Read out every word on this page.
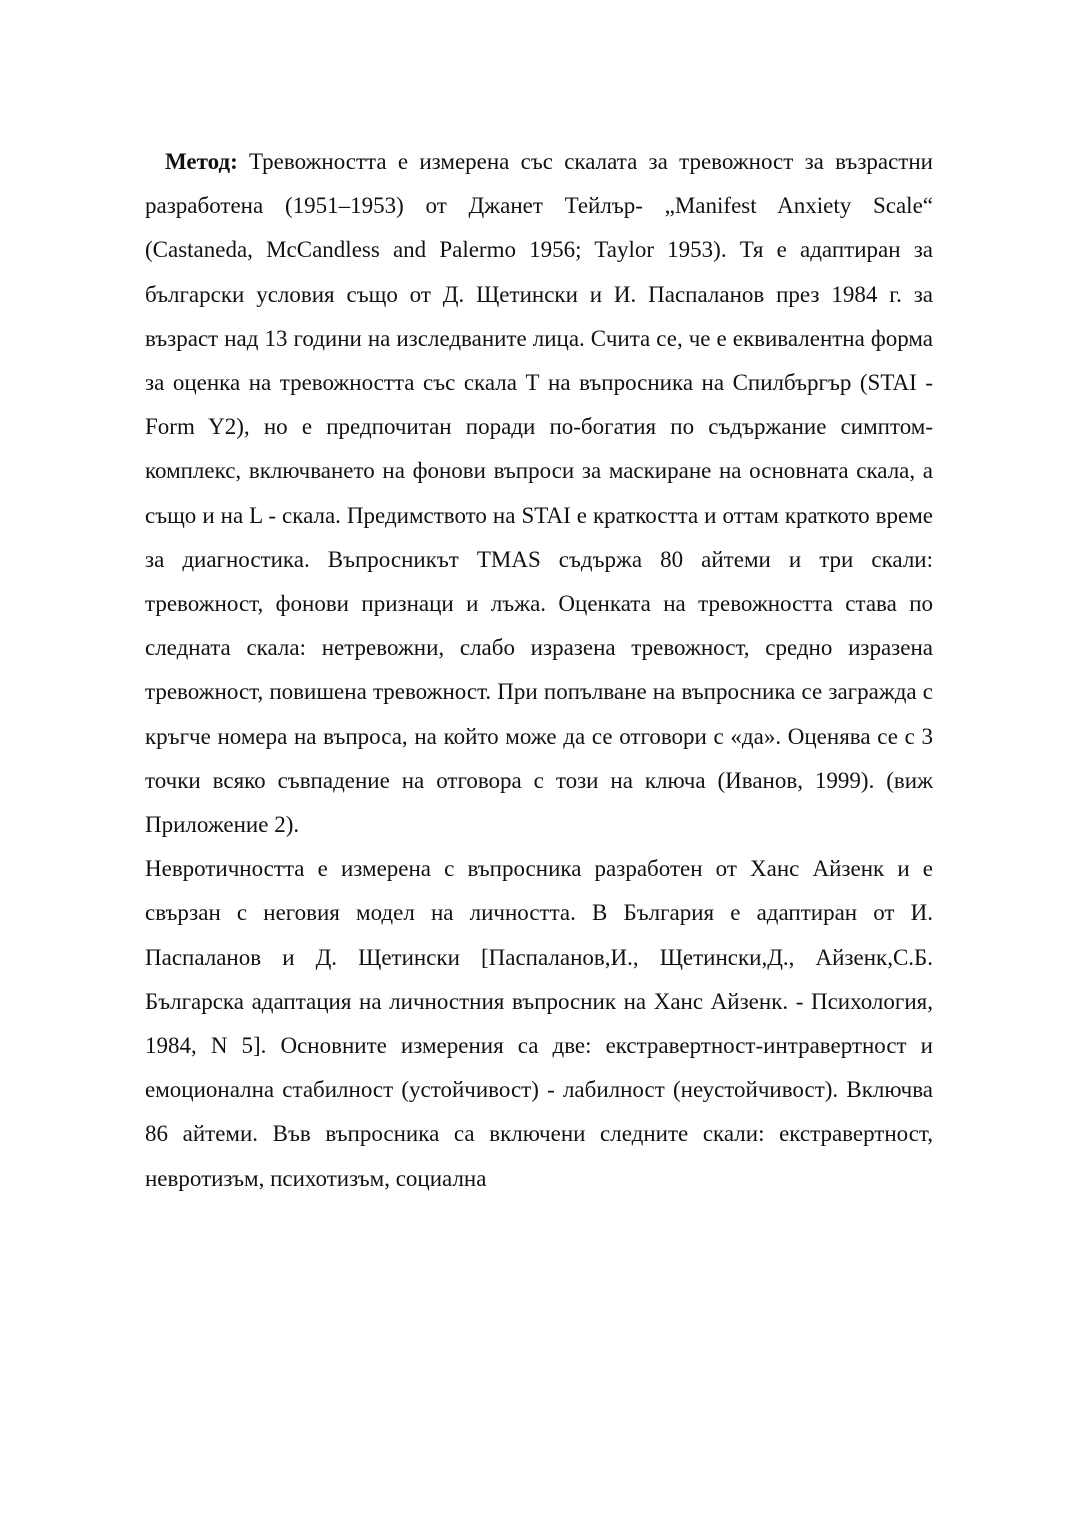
Метод: Тревожността е измерена със скалата за тревожност за възрастни разработена (1951–1953) от Джанет Тейлър- „Manifest Anxiety Scale“ (Castaneda, McCandless and Palermo 1956; Taylor 1953). Тя е адаптиран за български условия също от Д. Щетински и И. Паспаланов през 1984 г. за възраст над 13 години на изследваните лица. Счита се, че е еквивалентна форма за оценка на тревожността със скала Т на въпросника на Спилбъргър (STAI - Form Y2), но е предпочитан поради по-богатия по съдържание симптом- комплекс, включването на фонови въпроси за маскиране на основната скала, а също и на L - скала. Предимството на STAI е краткостта и оттам краткото време за диагностика. Въпросникът TMAS съдържа 80 айтеми и три скали: тревожност, фонови признаци и лъжа. Оценката на тревожността става по следната скала: нетревожни, слабо изразена тревожност, средно изразена тревожност, повишена тревожност. При попълване на въпросника се загражда с кръгче номера на въпроса, на който може да се отговори с «да». Оценява се с 3 точки всяко съвпадение на отговора с този на ключа (Иванов, 1999). (виж Приложение 2).

Невротичността е измерена с въпросника разработен от Ханс Айзенк и е свързан с неговия модел на личността. В България е адаптиран от И. Паспаланов и Д. Щетински [Паспаланов,И., Щетински,Д., Айзенк,С.Б. Българска адаптация на личностния въпросник на Ханс Айзенк. - Психология, 1984, N 5]. Основните измерения са две: екстравертност-интравертност и емоционална стабилност (устойчивост) - лабилност (неустойчивост). Включва 86 айтеми. Във въпросника са включени следните скали: екстравертност, невротизъм, психотизъм, социална
